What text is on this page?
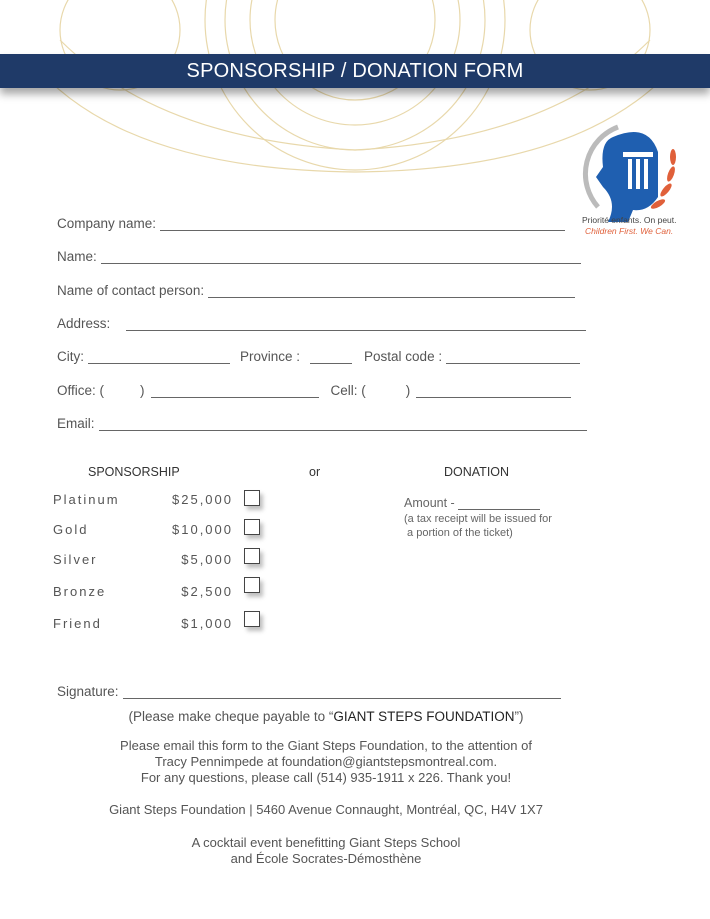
SPONSORSHIP / DONATION FORM
Priorité enfants. On peut.
Children First. We Can.
Company name:
Name:
Name of contact person:
Address:
City:	Province :	Postal code :
Office: (	)	Cell: (	)
Email:
SPONSORSHIP	or	DONATION
Platinum	$25,000
Gold	$10,000
Silver	$5,000
Bronze	$2,500
Friend	$1,000
Amount -
(a tax receipt will be issued for
a portion of the ticket)
Signature:
(Please make cheque payable to “GIANT STEPS FOUNDATION”)
Please email this form to the Giant Steps Foundation, to the attention of
Tracy Pennimpede at foundation@giantstepsmontreal.com.
For any questions, please call (514) 935-1911 x 226. Thank you!
Giant Steps Foundation | 5460 Avenue Connaught, Montréal, QC, H4V 1X7
A cocktail event benefitting Giant Steps School
and École Socrates-Démosthène
